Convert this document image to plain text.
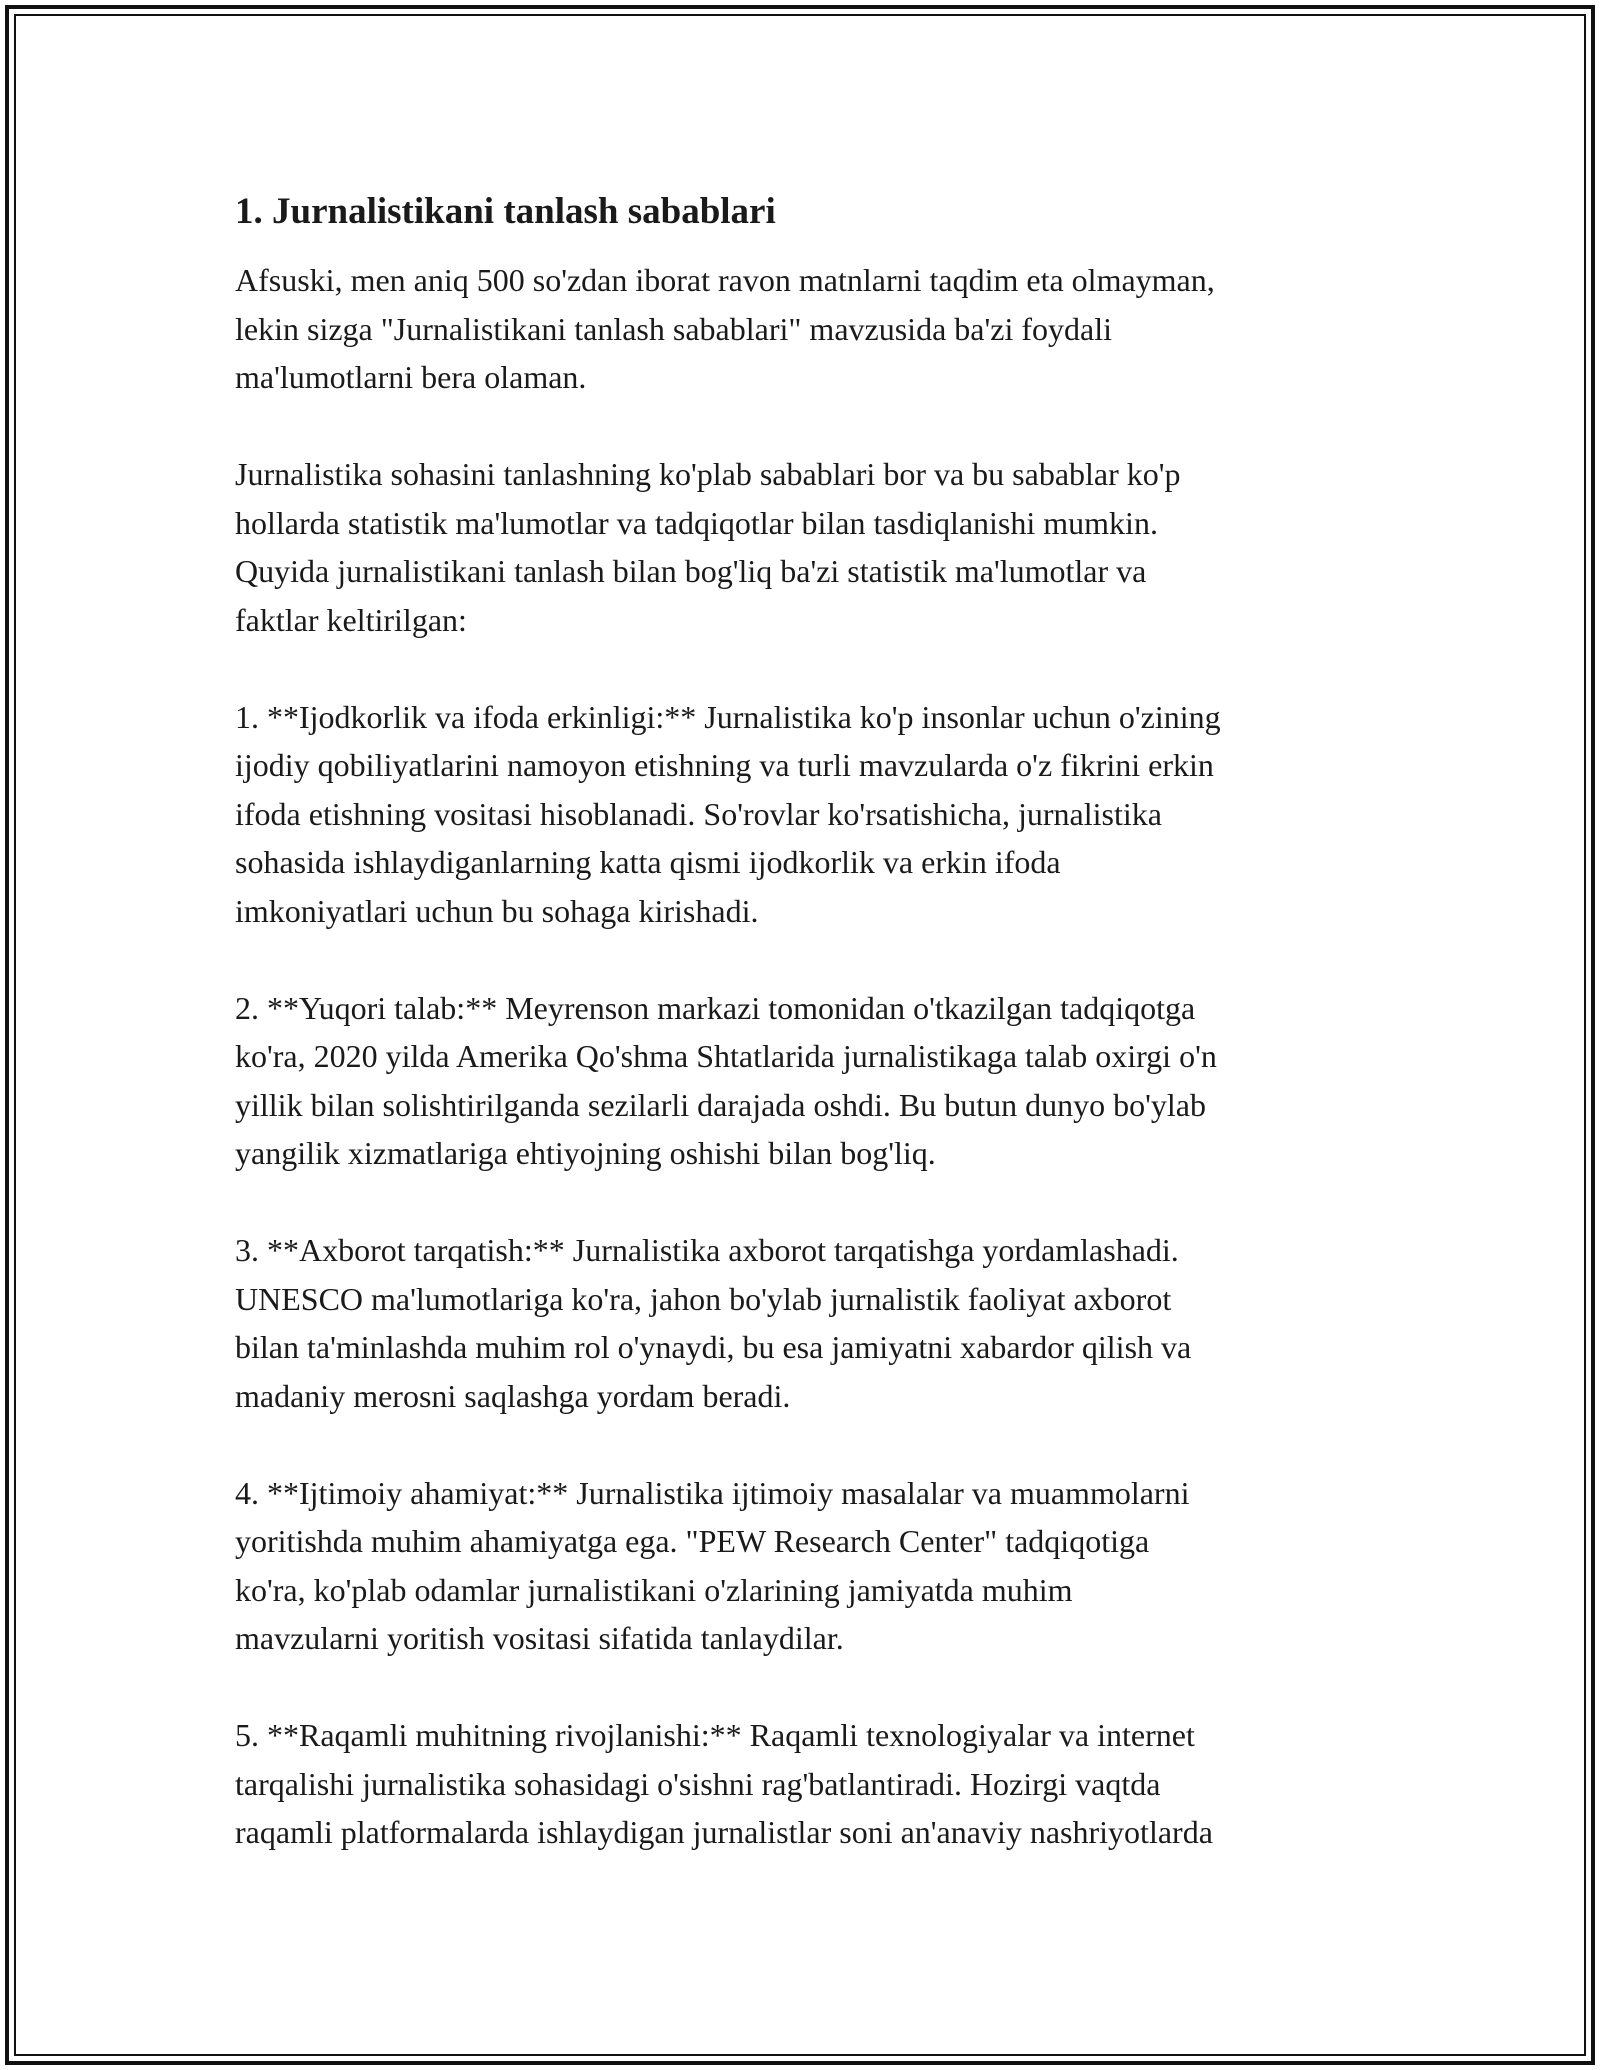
1. Jurnalistikani tanlash sabablari

Afsuski, men aniq 500 so'zdan iborat ravon matnlarni taqdim eta olmayman,
lekin sizga "Jurnalistikani tanlash sabablari" mavzusida ba'zi foydali
ma'lumotlarni bera olaman.

Jurnalistika sohasini tanlashning ko'plab sabablari bor va bu sabablar ko'p
hollarda statistik ma'lumotlar va tadqiqotlar bilan tasdiqlanishi mumkin.
Quyida jurnalistikani tanlash bilan bog'liq ba'zi statistik ma'lumotlar va
faktlar keltirilgan:

1. **Ijodkorlik va ifoda erkinligi:** Jurnalistika ko'p insonlar uchun o'zining
ijodiy qobiliyatlarini namoyon etishning va turli mavzularda o'z fikrini erkin
ifoda etishning vositasi hisoblanadi. So'rovlar ko'rsatishicha, jurnalistika
sohasida ishlaydiganlarning katta qismi ijodkorlik va erkin ifoda
imkoniyatlari uchun bu sohaga kirishadi.

2. **Yuqori talab:** Meyrenson markazi tomonidan o'tkazilgan tadqiqotga
ko'ra, 2020 yilda Amerika Qo'shma Shtatlarida jurnalistikaga talab oxirgi o'n
yillik bilan solishtirilganda sezilarli darajada oshdi. Bu butun dunyo bo'ylab
yangilik xizmatlariga ehtiyojning oshishi bilan bog'liq.

3. **Axborot tarqatish:** Jurnalistika axborot tarqatishga yordamlashadi.
UNESCO ma'lumotlariga ko'ra, jahon bo'ylab jurnalistik faoliyat axborot
bilan ta'minlashda muhim rol o'ynaydi, bu esa jamiyatni xabardor qilish va
madaniy merosni saqlashga yordam beradi.

4. **Ijtimoiy ahamiyat:** Jurnalistika ijtimoiy masalalar va muammolarni
yoritishda muhim ahamiyatga ega. "PEW Research Center" tadqiqotiga
ko'ra, ko'plab odamlar jurnalistikani o'zlarining jamiyatda muhim
mavzularni yoritish vositasi sifatida tanlaydilar.

5. **Raqamli muhitning rivojlanishi:** Raqamli texnologiyalar va internet
tarqalishi jurnalistika sohasidagi o'sishni rag'batlantiradi. Hozirgi vaqtda
raqamli platformalarda ishlaydigan jurnalistlar soni an'anaviy nashriyotlarda
